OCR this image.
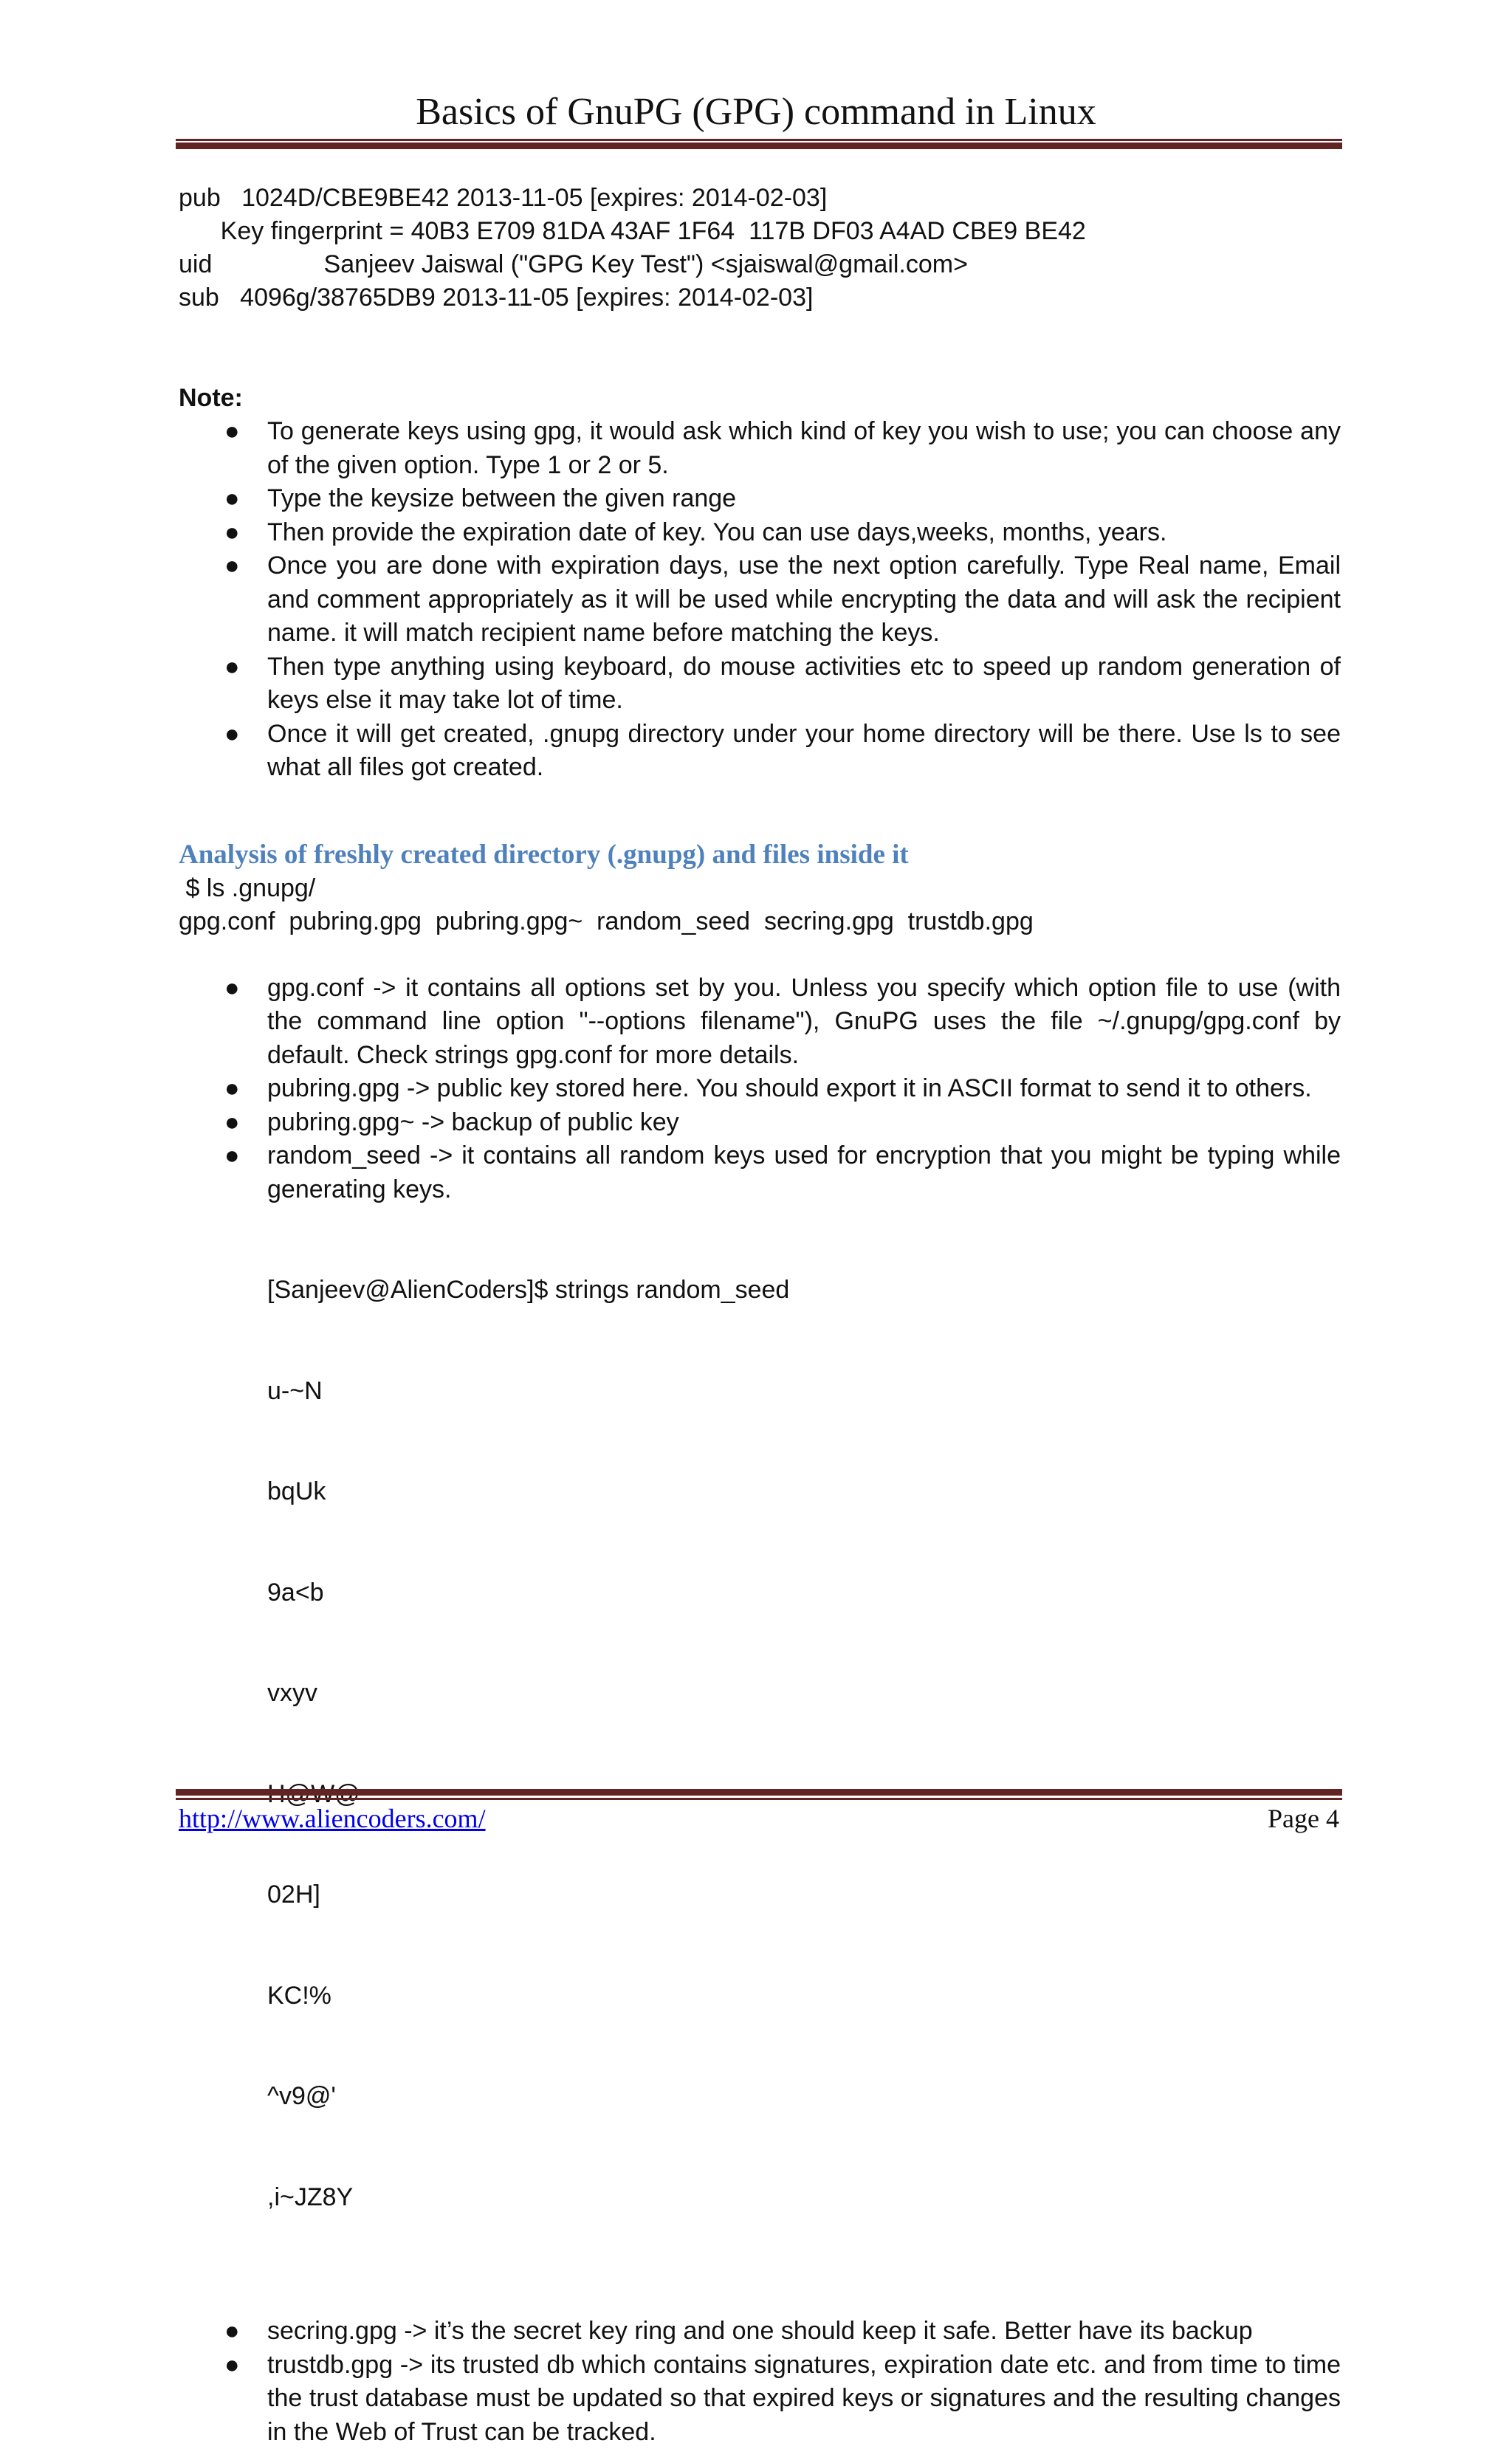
Basics of GnuPG (GPG) command in Linux
pub   1024D/CBE9BE42 2013-11-05 [expires: 2014-02-03]
Key fingerprint = 40B3 E709 81DA 43AF 1F64  117B DF03 A4AD CBE9 BE42
uid                Sanjeev Jaiswal ("GPG Key Test") <sjaiswal@gmail.com>
sub   4096g/38765DB9 2013-11-05 [expires: 2014-02-03]
Note:
● To generate keys using gpg, it would ask which kind of key you wish to use; you can choose any of the given option. Type 1 or 2 or 5.
● Type the keysize between the given range
● Then provide the expiration date of key. You can use days,weeks, months, years.
● Once you are done with expiration days, use the next option carefully. Type Real name, Email and comment appropriately as it will be used while encrypting the data and will ask the recipient name. it will match recipient name before matching the keys.
● Then type anything using keyboard, do mouse activities etc to speed up random generation of keys else it may take lot of time.
● Once it will get created, .gnupg directory under your home directory will be there. Use ls to see what all files got created.
Analysis of freshly created directory (.gnupg) and files inside it
$ ls .gnupg/
gpg.conf  pubring.gpg  pubring.gpg~  random_seed  secring.gpg  trustdb.gpg
● gpg.conf -> it contains all options set by you. Unless you specify which option file to use (with the command line option "--options filename"), GnuPG uses the file ~/.gnupg/gpg.conf by default. Check strings gpg.conf for more details.
● pubring.gpg -> public key stored here. You should export it in ASCII format to send it to others.
● pubring.gpg~ -> backup of public key
● random_seed -> it contains all random keys used for encryption that you might be typing while generating keys.

[Sanjeev@AlienCoders]$ strings random_seed

u-~N

bqUk

9a<b

vxyv

02H]

KC!%

^v9@'

,i~JZ8Y

● secring.gpg -> it’s the secret key ring and one should keep it safe. Better have its backup
● trustdb.gpg -> its trusted db which contains signatures, expiration date etc. and from time to time the trust database must be updated so that expired keys or signatures and the resulting changes in the Web of Trust can be tracked.
http://www.aliencoders.com/	Page 4
